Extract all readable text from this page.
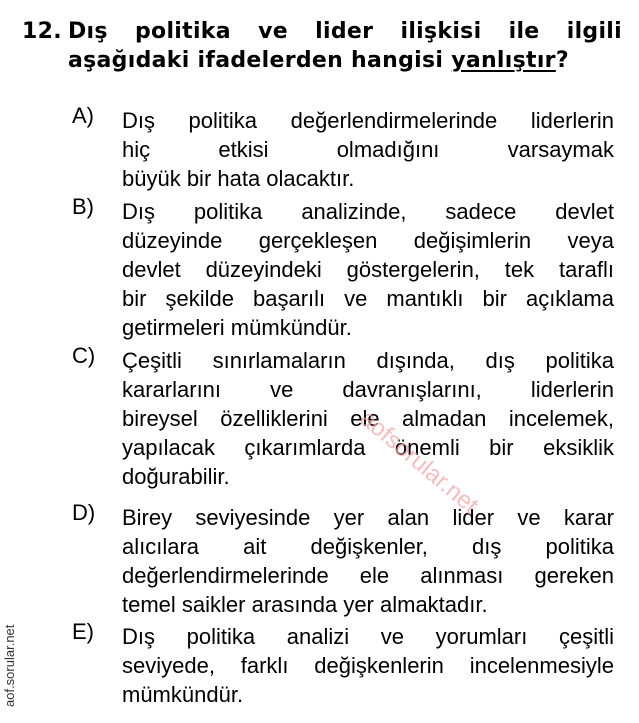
12. Dış politika ve lider ilişkisi ile ilgili aşağıdaki ifadelerden hangisi yanlıştır?
A) Dış politika değerlendirmelerinde liderlerin
hiç etkisi olmadığını varsaymak
büyük bir hata olacaktır.
B) Dış politika analizinde, sadece devlet
düzeyinde gerçekleşen değişimlerin veya
devlet düzeyindeki göstergelerin, tek taraflı
bir şekilde başarılı ve mantıklı bir açıklama
getirmeleri mümkündür.
C) Çeşitli sınırlamaların dışında, dış politika
kararlarını ve davranışlarını, liderlerin
bireysel özelliklerini ele almadan incelemek,
yapılacak çıkarımlarda önemli bir eksiklik
doğurabilir.
D) Birey seviyesinde yer alan lider ve karar
alıcılara ait değişkenler, dış politika
değerlendirmelerinde ele alınması gereken
temel saikler arasında yer almaktadır.
E) Dış politika analizi ve yorumları çeşitli
seviyede, farklı değişkenlerin incelenmesiyle
mümkündür.
aofsorular.net
aof.sorular.net
